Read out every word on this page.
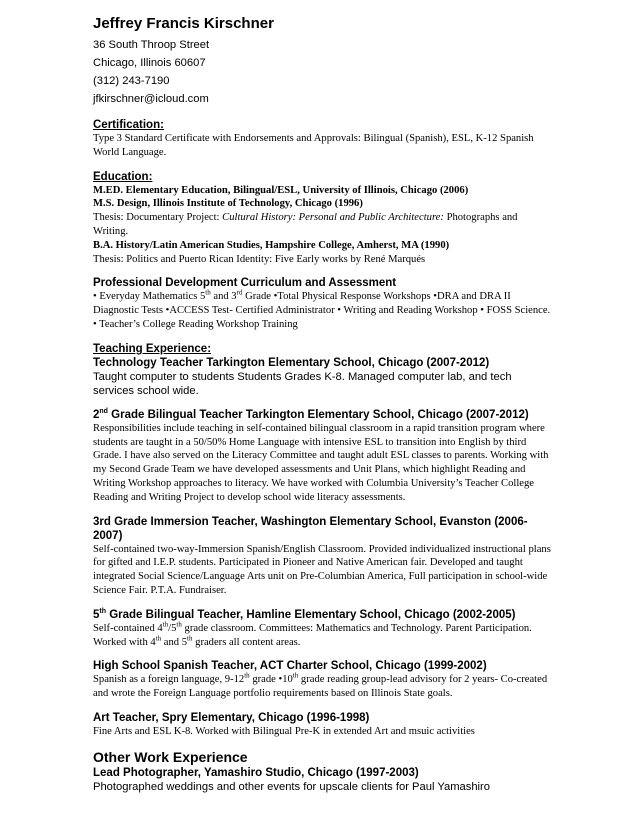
Jeffrey Francis Kirschner

36 South Throop Street

Chicago, Illinois 60607

(312) 243-7190

jfkirschner@icloud.com

Certification:

Type 3 Standard Certificate with Endorsements and Approvals: Bilingual (Spanish), ESL, K-12 Spanish World Language.

Education:

M.ED. Elementary Education, Bilingual/ESL, University of Illinois, Chicago (2006)

M.S. Design, Illinois Institute of Technology, Chicago (1996)

Thesis: Documentary Project: Cultural History: Personal and Public Architecture: Photographs and Writing.

B.A. History/Latin American Studies, Hampshire College, Amherst, MA (1990)

Thesis: Politics and Puerto Rican Identity: Five Early works by René Marqués

Professional Development Curriculum and Assessment

• Everyday Mathematics 5th and 3rd Grade •Total Physical Response Workshops •DRA and DRA II Diagnostic Tests •ACCESS Test- Certified Administrator • Writing and Reading Workshop • FOSS Science. • Teacher’s College Reading Workshop Training

Teaching Experience:

Technology Teacher Tarkington Elementary School, Chicago (2007-2012)

Taught computer to students Students Grades K-8. Managed computer lab, and tech services school wide.

2nd Grade Bilingual Teacher Tarkington Elementary School, Chicago (2007-2012)

Responsibilities include teaching in self-contained bilingual classroom in a rapid transition program where students are taught in a 50/50% Home Language with intensive ESL to transition into English by third Grade. I have also served on the Literacy Committee and taught adult ESL classes to parents. Working with my Second Grade Team we have developed assessments and Unit Plans, which highlight Reading and Writing Workshop approaches to literacy. We have worked with Columbia University’s Teacher College Reading and Writing Project to develop school wide literacy assessments.

3rd Grade Immersion Teacher, Washington Elementary School, Evanston (2006-2007)

Self-contained two-way-Immersion Spanish/English Classroom. Provided individualized instructional plans for gifted and I.E.P. students. Participated in Pioneer and Native American fair. Developed and taught integrated Social Science/Language Arts unit on Pre-Columbian America, Full participation in school-wide Science Fair. P.T.A. Fundraiser.

5th Grade Bilingual Teacher, Hamline Elementary School, Chicago (2002-2005)

Self-contained 4th/5th grade classroom. Committees: Mathematics and Technology. Parent Participation. Worked with 4th and 5th graders all content areas.

High School Spanish Teacher, ACT Charter School, Chicago (1999-2002)

Spanish as a foreign language, 9-12th grade •10th grade reading group-lead advisory for 2 years- Co-created and wrote the Foreign Language portfolio requirements based on Illinois State goals.

Art Teacher, Spry Elementary, Chicago (1996-1998)

Fine Arts and ESL K-8. Worked with Bilingual Pre-K in extended Art and msuic activities

Other Work Experience

Lead Photographer, Yamashiro Studio, Chicago (1997-2003)

Photographed weddings and other events for upscale clients for Paul Yamashiro
